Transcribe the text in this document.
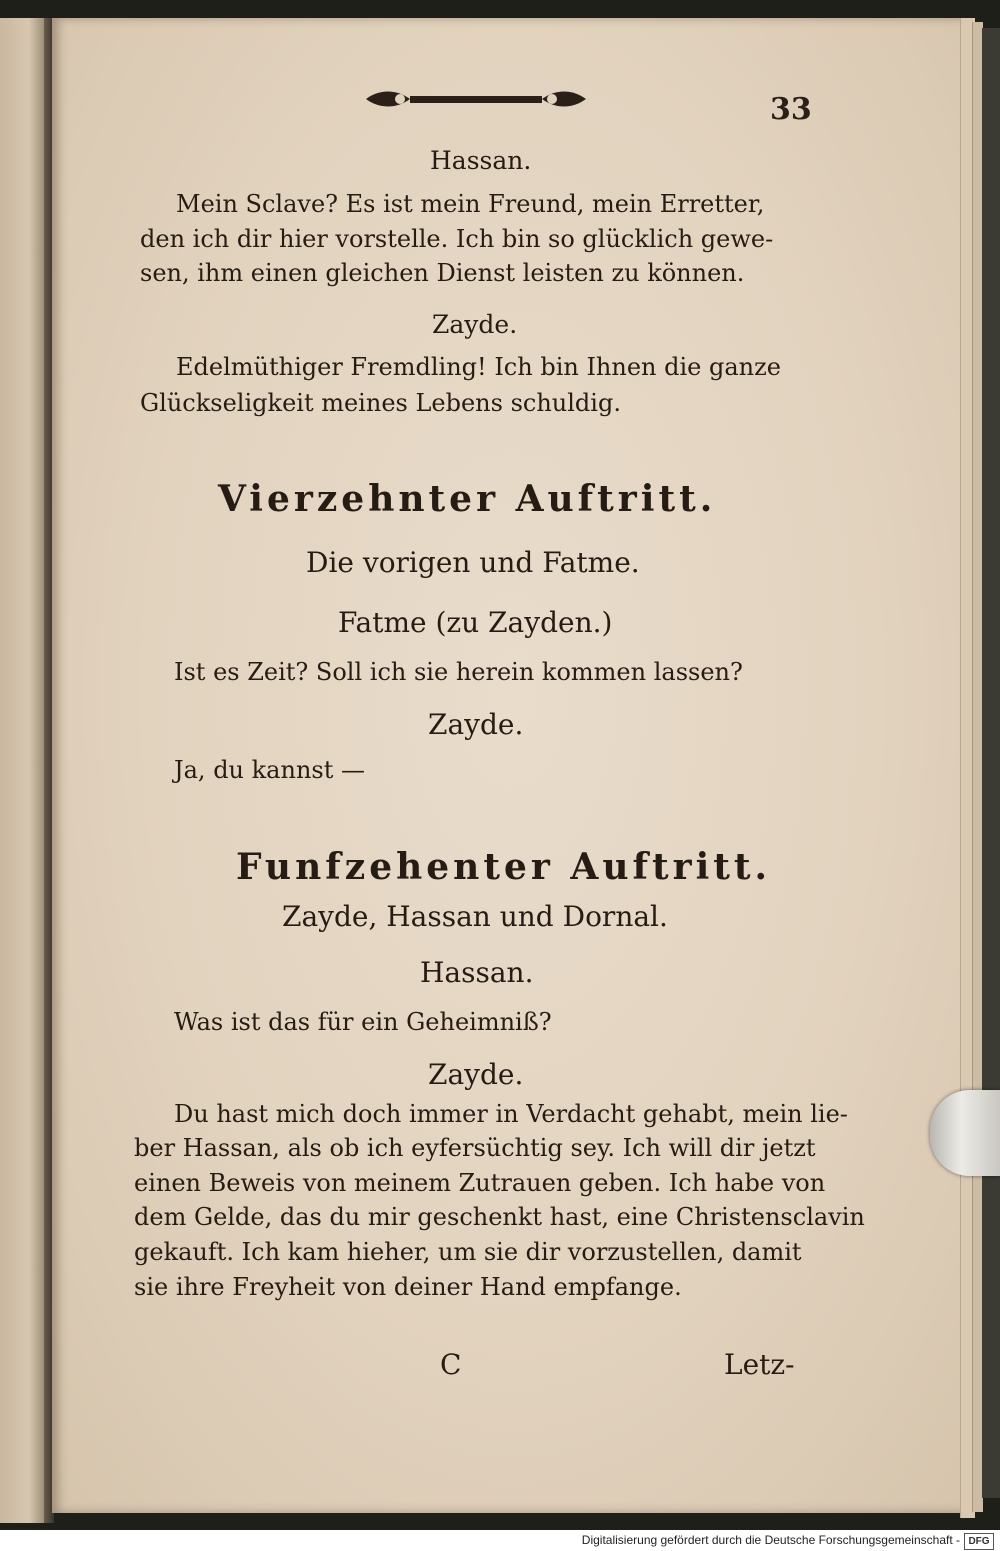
33
Hassan.
Mein Sclave? Es ist mein Freund, mein Erretter,
den ich dir hier vorstelle. Ich bin so glücklich gewe-
sen, ihm einen gleichen Dienst leisten zu können.
Zayde.
Edelmüthiger Fremdling! Ich bin Ihnen die ganze
Glückseligkeit meines Lebens schuldig.
Vierzehnter Auftritt.
Die vorigen und Fatme.
Fatme (zu Zayden.)
Ist es Zeit? Soll ich sie herein kommen lassen?
Zayde.
Ja, du kannst —
Funfzehenter Auftritt.
Zayde, Hassan und Dornal.
Hassan.
Was ist das für ein Geheimniß?
Zayde.
Du hast mich doch immer in Verdacht gehabt, mein lie-
ber Hassan, als ob ich eyfersüchtig sey. Ich will dir jetzt
einen Beweis von meinem Zutrauen geben. Ich habe von
dem Gelde, das du mir geschenkt hast, eine Christensclavin
gekauft. Ich kam hieher, um sie dir vorzustellen, damit
sie ihre Freyheit von deiner Hand empfange.
C	Letz-
Digitalisierung gefördert durch die Deutsche Forschungsgemeinschaft - DFG
